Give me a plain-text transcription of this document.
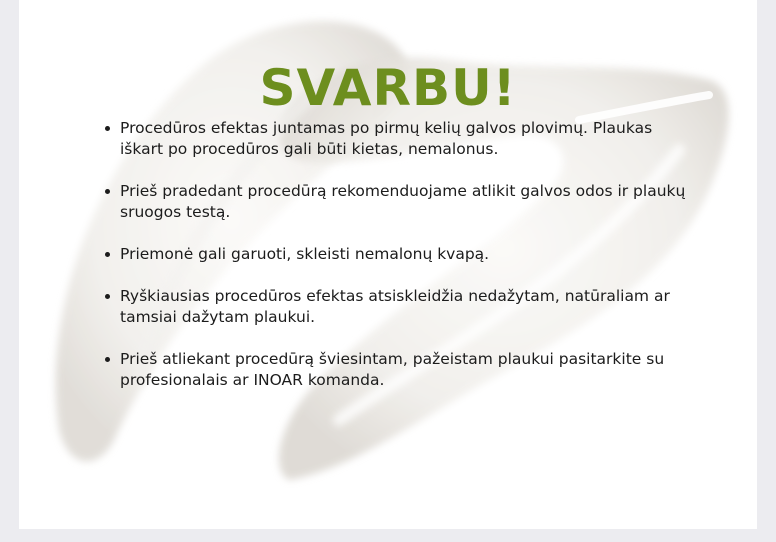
SVARBU!
Procedūros efektas juntamas po pirmų kelių galvos plovimų. Plaukas iškart po procedūros gali būti kietas, nemalonus.
Prieš pradedant procedūrą rekomenduojame atlikit galvos odos ir plaukų sruogos testą.
Priemonė gali garuoti, skleisti nemalonų kvapą.
Ryškiausias procedūros efektas atsiskleidžia nedažytam, natūraliam ar tamsiai dažytam plaukui.
Prieš atliekant procedūrą šviesintam, pažeistam plaukui pasitarkite su profesionalais ar INOAR komanda.
